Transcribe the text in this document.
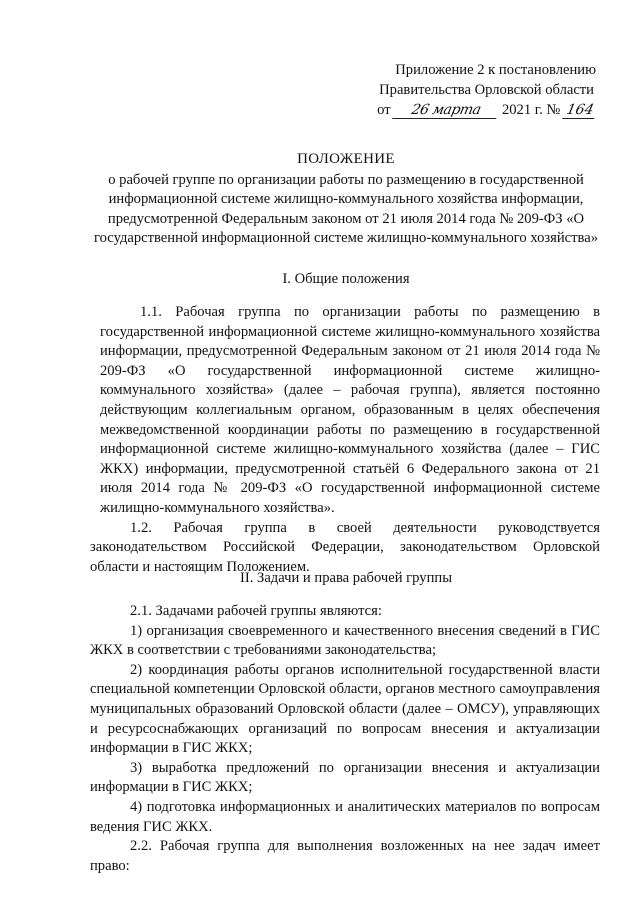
Приложение 2 к постановлению
Правительства Орловской области
от
	26 марта
	2021 г. №
164
ПОЛОЖЕНИЕ
о рабочей группе по организации работы по размещению в государственной информационной системе жилищно-коммунального хозяйства информации, предусмотренной Федеральным законом от 21 июля 2014 года № 209-ФЗ «О государственной информационной системе жилищно-коммунального хозяйства»
I. Общие положения

1.1. Рабочая группа по организации работы по размещению в государственной информационной системе жилищно-коммунального хозяйства информации, предусмотренной Федеральным законом от 21 июля 2014 года № 209-ФЗ «О государственной информационной системе жилищно-коммунального хозяйства» (далее – рабочая группа), является постоянно действующим коллегиальным органом, образованным в целях обеспечения межведомственной координации работы по размещению в государственной информационной системе жилищно-коммунального хозяйства (далее – ГИС ЖКХ) информации, предусмотренной статьёй 6 Федерального закона от 21 июля 2014 года № 209-ФЗ «О государственной информационной системе жилищно-коммунального хозяйства».

1.2. Рабочая группа в своей деятельности руководствуется законодательством Российской Федерации, законодательством Орловской области и настоящим Положением.

II. Задачи и права рабочей группы

2.1. Задачами рабочей группы являются:

1) организация своевременного и качественного внесения сведений в ГИС ЖКХ в соответствии с требованиями законодательства;

2) координация работы органов исполнительной государственной власти специальной компетенции Орловской области, органов местного самоуправления муниципальных образований Орловской области (далее – ОМСУ), управляющих и ресурсоснабжающих организаций по вопросам внесения и актуализации информации в ГИС ЖКХ;

3) выработка предложений по организации внесения и актуализации информации в ГИС ЖКХ;

4) подготовка информационных и аналитических материалов по вопросам ведения ГИС ЖКХ.

2.2. Рабочая группа для выполнения возложенных на нее задач имеет право:
